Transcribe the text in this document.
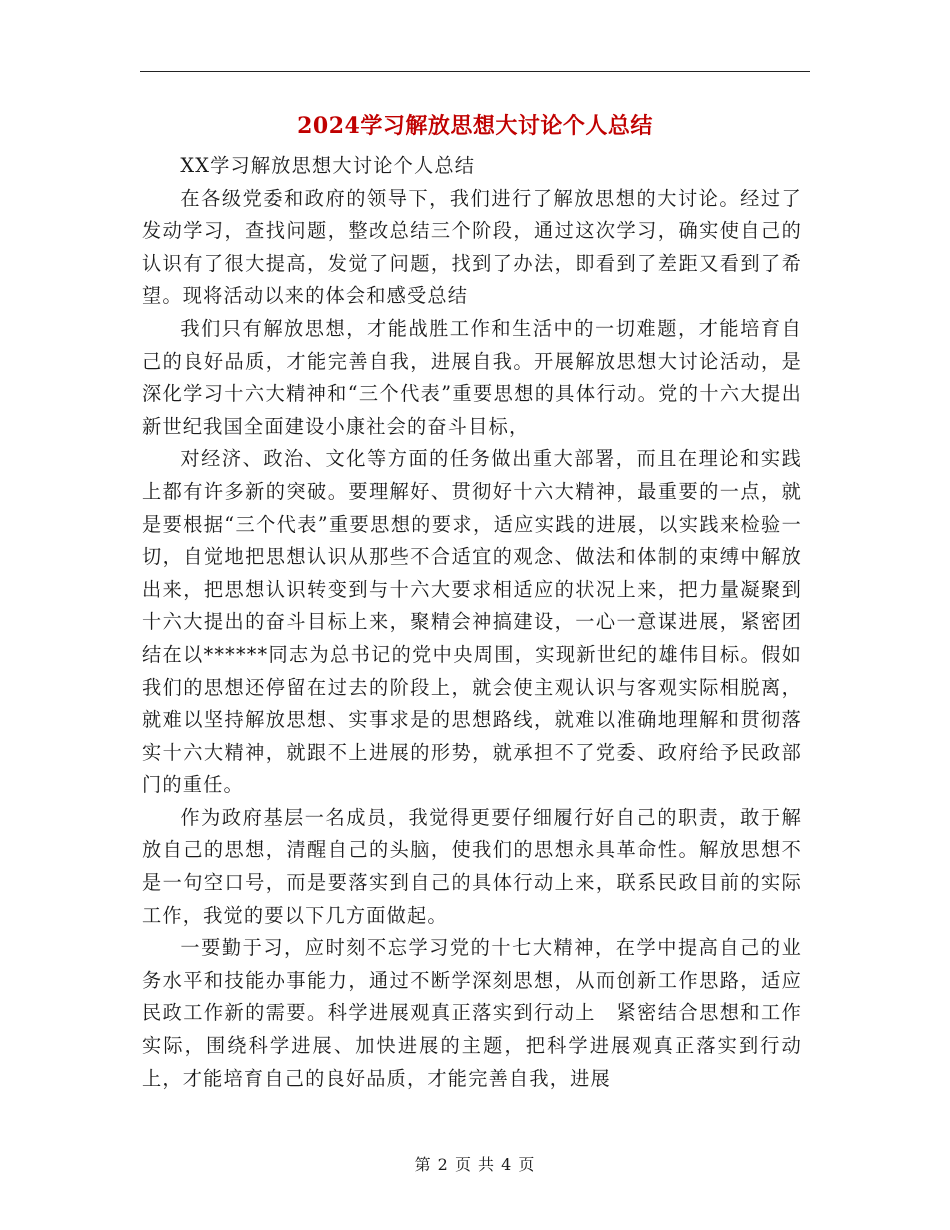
2024学习解放思想大讨论个人总结

XX学习解放思想大讨论个人总结

在各级党委和政府的领导下，我们进行了解放思想的大讨论。经过了发动学习，查找问题，整改总结三个阶段，通过这次学习，确实使自己的认识有了很大提高，发觉了问题，找到了办法，即看到了差距又看到了希望。现将活动以来的体会和感受总结

我们只有解放思想，才能战胜工作和生活中的一切难题，才能培育自己的良好品质，才能完善自我，进展自我。开展解放思想大讨论活动，是深化学习十六大精神和“三个代表”重要思想的具体行动。党的十六大提出新世纪我国全面建设小康社会的奋斗目标，

对经济、政治、文化等方面的任务做出重大部署，而且在理论和实践上都有许多新的突破。要理解好、贯彻好十六大精神，最重要的一点，就是要根据“三个代表”重要思想的要求，适应实践的进展，以实践来检验一切，自觉地把思想认识从那些不合适宜的观念、做法和体制的束缚中解放出来，把思想认识转变到与十六大要求相适应的状况上来，把力量凝聚到十六大提出的奋斗目标上来，聚精会神搞建设，一心一意谋进展，紧密团结在以******同志为总书记的党中央周围，实现新世纪的雄伟目标。假如我们的思想还停留在过去的阶段上，就会使主观认识与客观实际相脱离，就难以坚持解放思想、实事求是的思想路线，就难以准确地理解和贯彻落实十六大精神，就跟不上进展的形势，就承担不了党委、政府给予民政部门的重任。

作为政府基层一名成员，我觉得更要仔细履行好自己的职责，敢于解放自己的思想，清醒自己的头脑，使我们的思想永具革命性。解放思想不是一句空口号，而是要落实到自己的具体行动上来，联系民政目前的实际工作，我觉的要以下几方面做起。

一要勤于习，应时刻不忘学习党的十七大精神，在学中提高自己的业务水平和技能办事能力，通过不断学深刻思想，从而创新工作思路，适应民政工作新的需要。科学进展观真正落实到行动上　紧密结合思想和工作实际，围绕科学进展、加快进展的主题，把科学进展观真正落实到行动上，才能培育自己的良好品质，才能完善自我，进展

第 2 页 共 4 页
